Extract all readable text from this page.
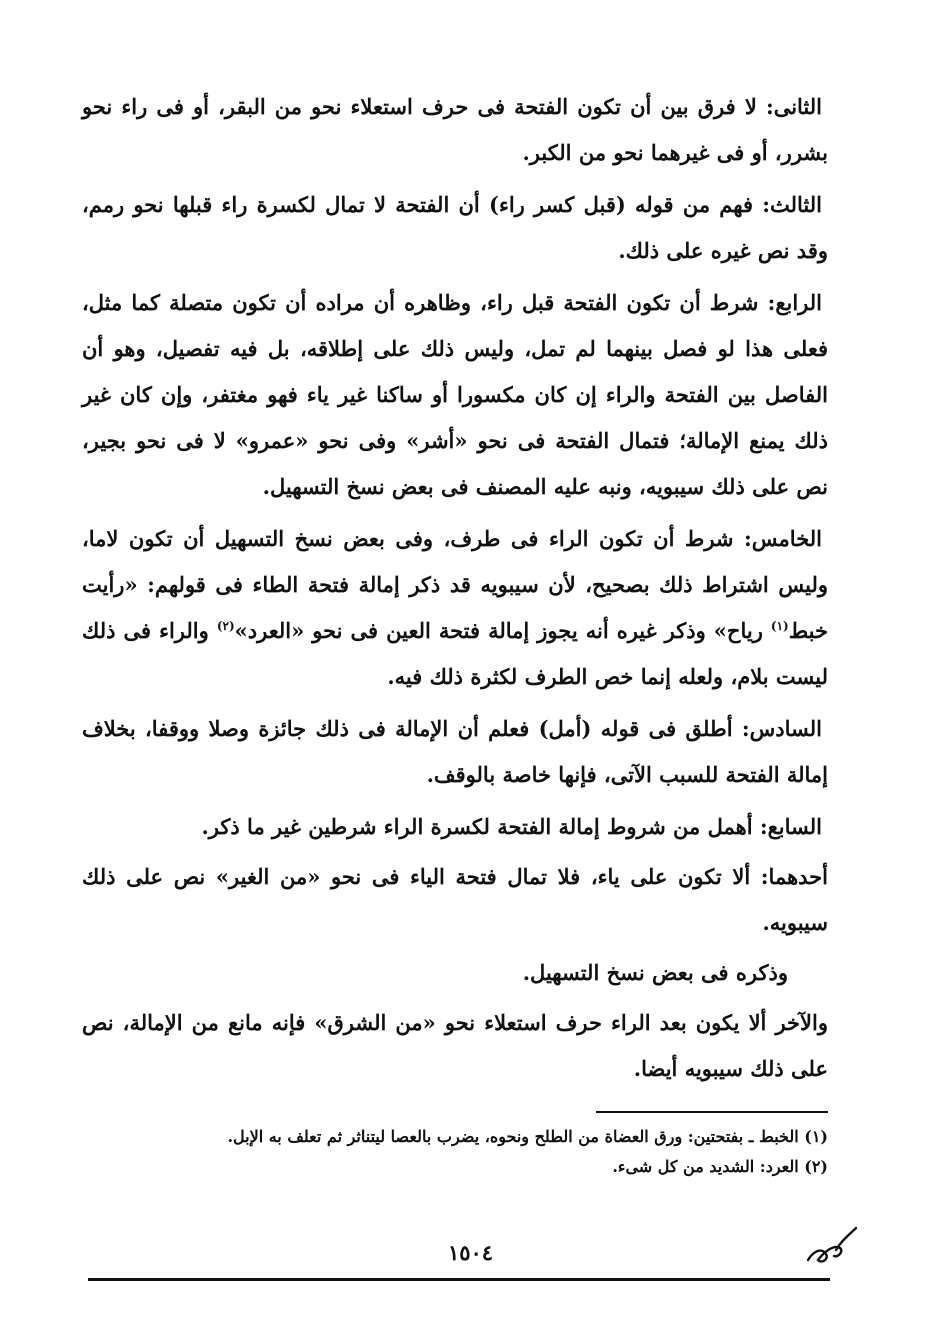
الثانى: لا فرق بين أن تكون الفتحة فى حرف استعلاء نحو من البقر، أو فى راء نحو بشرر، أو فى غيرهما نحو من الكبر.

الثالث: فهم من قوله (قبل كسر راء) أن الفتحة لا تمال لكسرة راء قبلها نحو رمم، وقد نص غيره على ذلك.

الرابع: شرط أن تكون الفتحة قبل راء، وظاهره أن مراده أن تكون متصلة كما مثل، فعلى هذا لو فصل بينهما لم تمل، وليس ذلك على إطلاقه، بل فيه تفصيل، وهو أن الفاصل بين الفتحة والراء إن كان مكسورا أو ساكنا غير ياء فهو مغتفر، وإن كان غير ذلك يمنع الإمالة؛ فتمال الفتحة فى نحو «أشر» وفى نحو «عمرو» لا فى نحو بجير، نص على ذلك سيبويه، ونبه عليه المصنف فى بعض نسخ التسهيل.

الخامس: شرط أن تكون الراء فى طرف، وفى بعض نسخ التسهيل أن تكون لاما، وليس اشتراط ذلك بصحيح، لأن سيبويه قد ذكر إمالة فتحة الطاء فى قولهم: «رأيت خبط$^{(١)}$ رياح» وذكر غيره أنه يجوز إمالة فتحة العين فى نحو «العرد»$^{(٢)}$ والراء فى ذلك ليست بلام، ولعله إنما خص الطرف لكثرة ذلك فيه.

السادس: أطلق فى قوله (أمل) فعلم أن الإمالة فى ذلك جائزة وصلا ووقفا، بخلاف إمالة الفتحة للسبب الآتى، فإنها خاصة بالوقف.

السابع: أهمل من شروط إمالة الفتحة لكسرة الراء شرطين غير ما ذكر.

أحدهما: ألا تكون على ياء، فلا تمال فتحة الياء فى نحو «من الغير» نص على ذلك سيبويه.

وذكره فى بعض نسخ التسهيل.

والآخر ألا يكون بعد الراء حرف استعلاء نحو «من الشرق» فإنه مانع من الإمالة، نص على ذلك سيبويه أيضا.

(١) الخبط ـ بفتحتين: ورق العضاة من الطلح ونحوه، يضرب بالعصا ليتناثر ثم تعلف به الإبل.

(٢) العرد: الشديد من كل شىء.

١٥٠٤
